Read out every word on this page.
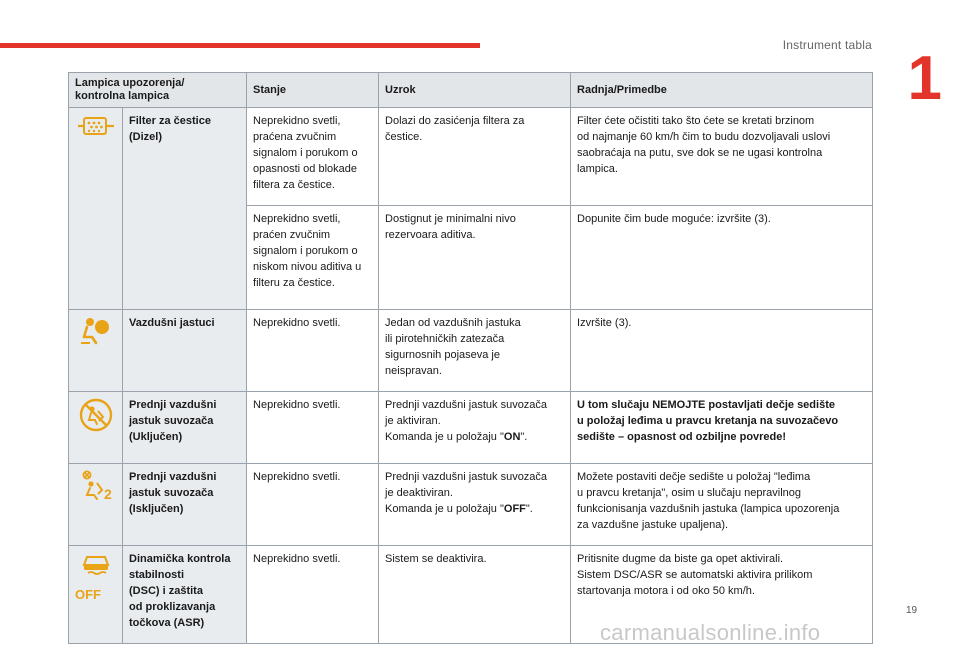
Instrument tabla 1
Lampica upozorenja/
kontrolna lampica		Stanje	Uzrok	Radnja/Primedbe

	Filter za čestice
(Dizel)	Neprekidno svetli,
praćena zvučnim
signalom i porukom o
opasnosti od blokade
filtera za čestice.	Dolazi do zasićenja filtera za
čestice.	Filter ćete očistiti tako što ćete se kretati brzinom
od najmanje 60 km/h čim to budu dozvoljavali uslovi
saobraćaja na putu, sve dok se ne ugasi kontrolna
lampica.
		Neprekidno svetli,
praćen zvučnim
signalom i porukom o
niskom nivou aditiva u
filteru za čestice.	Dostignut je minimalni nivo
rezervoara aditiva.	Dopunite čim bude moguće: izvršite (3).

	Vazdušni jastuci	Neprekidno svetli.	Jedan od vazdušnih jastuka
ili pirotehničkih zatezača
sigurnosnih pojaseva je
neispravan.	Izvršite (3).

	Prednji vazdušni
jastuk suvozača
(Uključen)	Neprekidno svetli.	Prednji vazdušni jastuk suvozača
je aktiviran.
Komanda je u položaju "ON".	U tom slučaju NEMOJTE postavljati dečje sedište
u položaj leđima u pravcu kretanja na suvozačevo
sedište – opasnost od ozbiljne povrede!

2	Prednji vazdušni
jastuk suvozača
(Isključen)	Neprekidno svetli.	Prednji vazdušni jastuk suvozača
je deaktiviran.
Komanda je u položaju "OFF".	Možete postaviti dečje sedište u položaj "leđima
u pravcu kretanja", osim u slučaju nepravilnog
funkcionisanja vazdušnih jastuka (lampica upozorenja
za vazdušne jastuke upaljena).

OFF	Dinamička kontrola
stabilnosti
(DSC) i zaštita
od proklizavanja
točkova (ASR)	Neprekidno svetli.	Sistem se deaktivira.	Pritisnite dugme da biste ga opet aktivirali.
Sistem DSC/ASR se automatski aktivira prilikom
startovanja motora i od oko 50 km/h.
19
carmanualsonline.info
